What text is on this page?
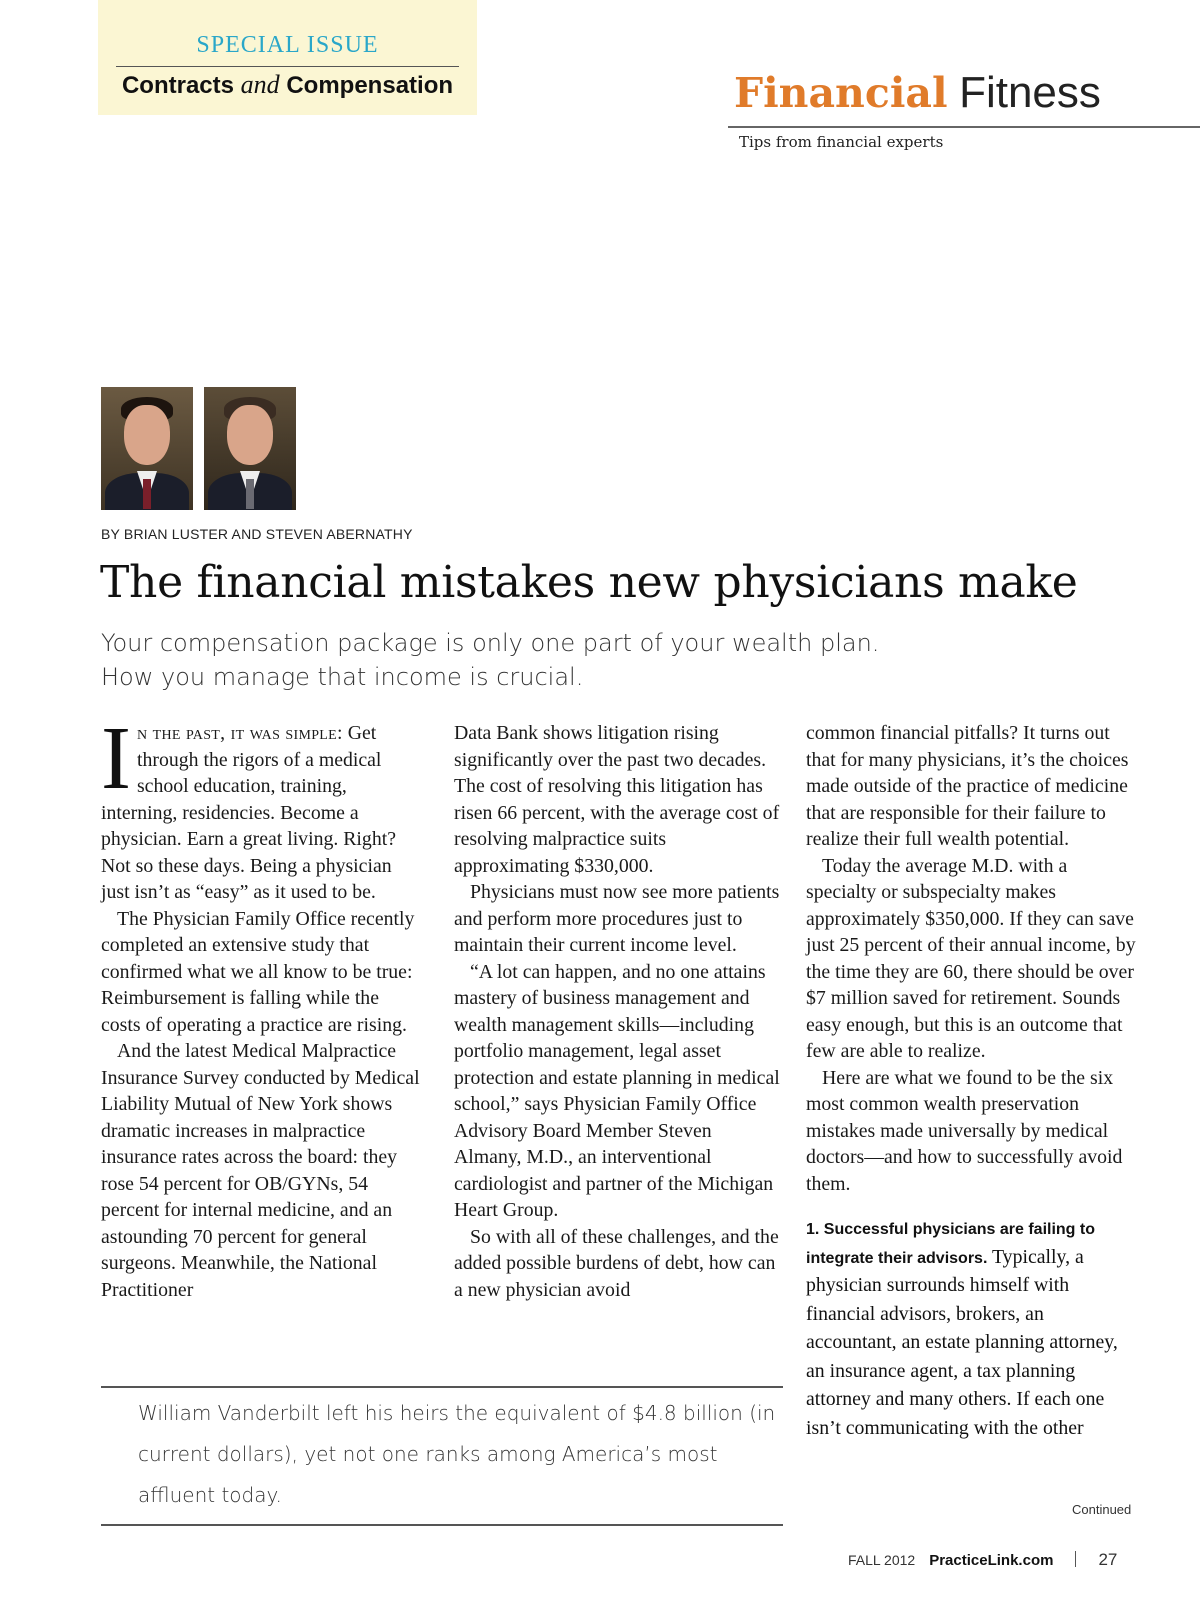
SPECIAL ISSUE
Contracts and Compensation	Financial Fitness
Tips from financial experts
BY BRIAN LUSTER AND STEVEN ABERNATHY
The financial mistakes new physicians make
Your compensation package is only one part of your wealth plan.
How you manage that income is crucial.

In the past, it was simple: Get through the rigors of a medical school education, training, interning, residencies. Become a physician. Earn a great living. Right? Not so these days. Being a physician just isn’t as “easy” as it used to be.

The Physician Family Office recently completed an extensive study that confirmed what we all know to be true: Reimbursement is falling while the costs of operating a practice are rising.

And the latest Medical Malpractice Insurance Survey conducted by Medical Liability Mutual of New York shows dramatic increases in malpractice insurance rates across the board: they rose 54 percent for OB/GYNs, 54 percent for internal medicine, and an astounding 70 percent for general surgeons. Meanwhile, the National Practitioner

Data Bank shows litigation rising significantly over the past two decades. The cost of resolving this litigation has risen 66 percent, with the average cost of resolving malpractice suits approximating $330,000.

Physicians must now see more patients and perform more procedures just to maintain their current income level.

“A lot can happen, and no one attains mastery of business management and wealth management skills—including portfolio management, legal asset protection and estate planning in medical school,” says Physician Family Office Advisory Board Member Steven Almany, M.D., an interventional cardiologist and partner of the Michigan Heart Group.

So with all of these challenges, and the added possible burdens of debt, how can a new physician avoid

common financial pitfalls? It turns out that for many physicians, it’s the choices made outside of the practice of medicine that are responsible for their failure to realize their full wealth potential.

Today the average M.D. with a specialty or subspecialty makes approximately $350,000. If they can save just 25 percent of their annual income, by the time they are 60, there should be over $7 million saved for retirement. Sounds easy enough, but this is an outcome that few are able to realize.

Here are what we found to be the six most common wealth preservation mistakes made universally by medical doctors—and how to successfully avoid them.

1. Successful physicians are failing to integrate their advisors. Typically, a physician surrounds himself with financial advisors, brokers, an accountant, an estate planning attorney, an insurance agent, a tax planning attorney and many others. If each one isn’t communicating with the other

William Vanderbilt left his heirs the equivalent of $4.8 billion (in current dollars), yet not one ranks among America’s most affluent today.
Continued
FALL 2012 PracticeLink.com	27
